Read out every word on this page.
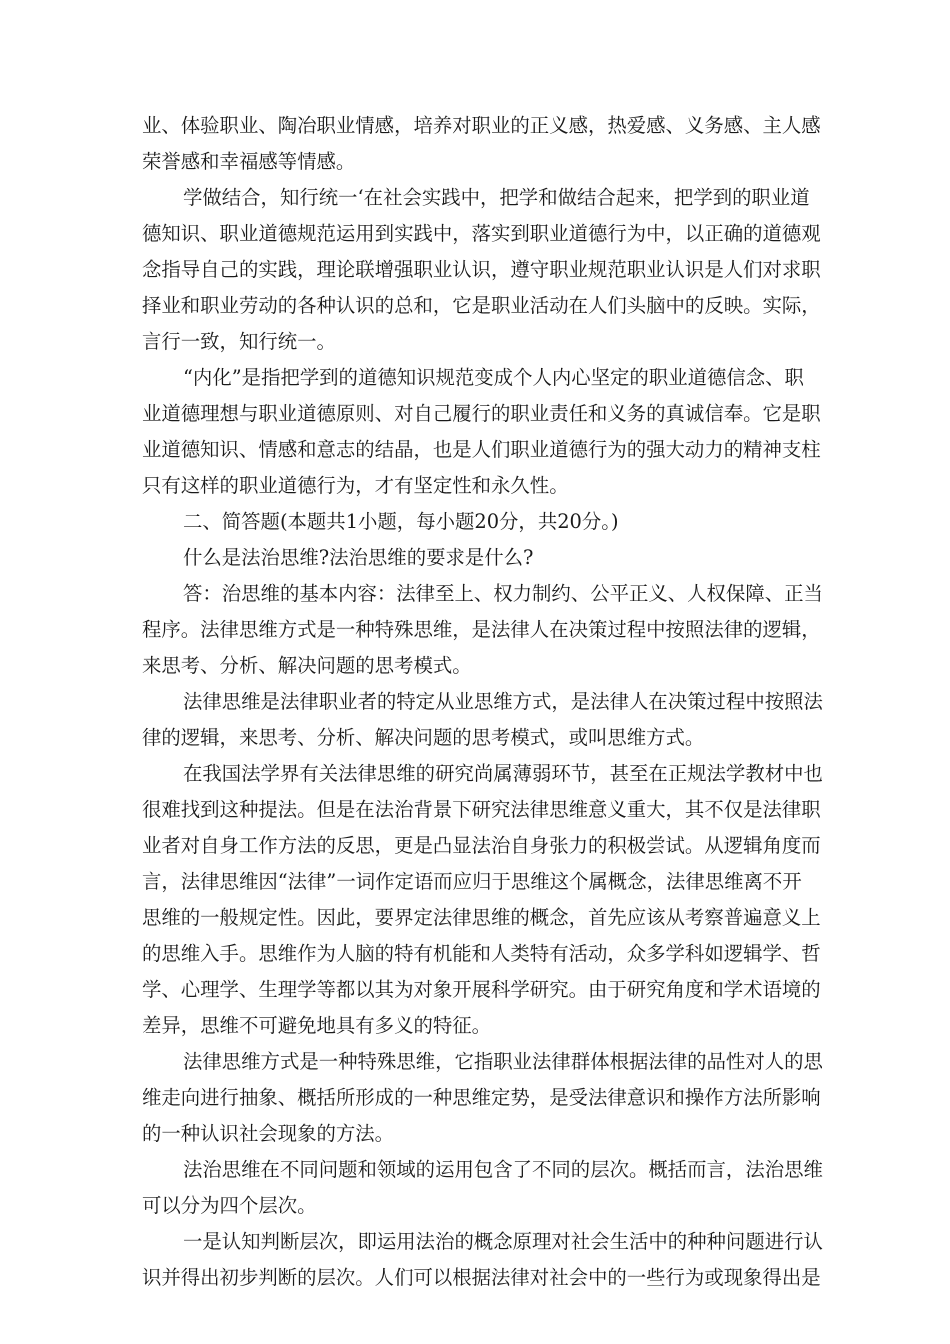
业、体验职业、陶冶职业情感，培养对职业的正义感，热爱感、义务感、主人感
荣誉感和幸福感等情感。
学做结合，知行统一‘在社会实践中，把学和做结合起来，把学到的职业道
德知识、职业道德规范运用到实践中，落实到职业道德行为中，以正确的道德观
念指导自己的实践，理论联增强职业认识，遵守职业规范职业认识是人们对求职
择业和职业劳动的各种认识的总和，它是职业活动在人们头脑中的反映。实际，
言行一致，知行统一。
“内化”是指把学到的道德知识规范变成个人内心坚定的职业道德信念、职
业道德理想与职业道德原则、对自己履行的职业责任和义务的真诚信奉。它是职
业道德知识、情感和意志的结晶，也是人们职业道德行为的强大动力的精神支柱
只有这样的职业道德行为，才有坚定性和永久性。
二、简答题(本题共1小题，每小题20分，共20分。)
什么是法治思维?法治思维的要求是什么?
答：治思维的基本内容：法律至上、权力制约、公平正义、人权保障、正当
程序。法律思维方式是一种特殊思维，是法律人在决策过程中按照法律的逻辑，
来思考、分析、解决问题的思考模式。
法律思维是法律职业者的特定从业思维方式，是法律人在决策过程中按照法
律的逻辑，来思考、分析、解决问题的思考模式，或叫思维方式。
在我国法学界有关法律思维的研究尚属薄弱环节，甚至在正规法学教材中也
很难找到这种提法。但是在法治背景下研究法律思维意义重大，其不仅是法律职
业者对自身工作方法的反思，更是凸显法治自身张力的积极尝试。从逻辑角度而
言，法律思维因“法律”一词作定语而应归于思维这个属概念，法律思维离不开
思维的一般规定性。因此，要界定法律思维的概念，首先应该从考察普遍意义上
的思维入手。思维作为人脑的特有机能和人类特有活动，众多学科如逻辑学、哲
学、心理学、生理学等都以其为对象开展科学研究。由于研究角度和学术语境的
差异，思维不可避免地具有多义的特征。
法律思维方式是一种特殊思维，它指职业法律群体根据法律的品性对人的思
维走向进行抽象、概括所形成的一种思维定势，是受法律意识和操作方法所影响
的一种认识社会现象的方法。
法治思维在不同问题和领域的运用包含了不同的层次。概括而言，法治思维
可以分为四个层次。
一是认知判断层次，即运用法治的概念原理对社会生活中的种种问题进行认
识并得出初步判断的层次。人们可以根据法律对社会中的一些行为或现象得出是
